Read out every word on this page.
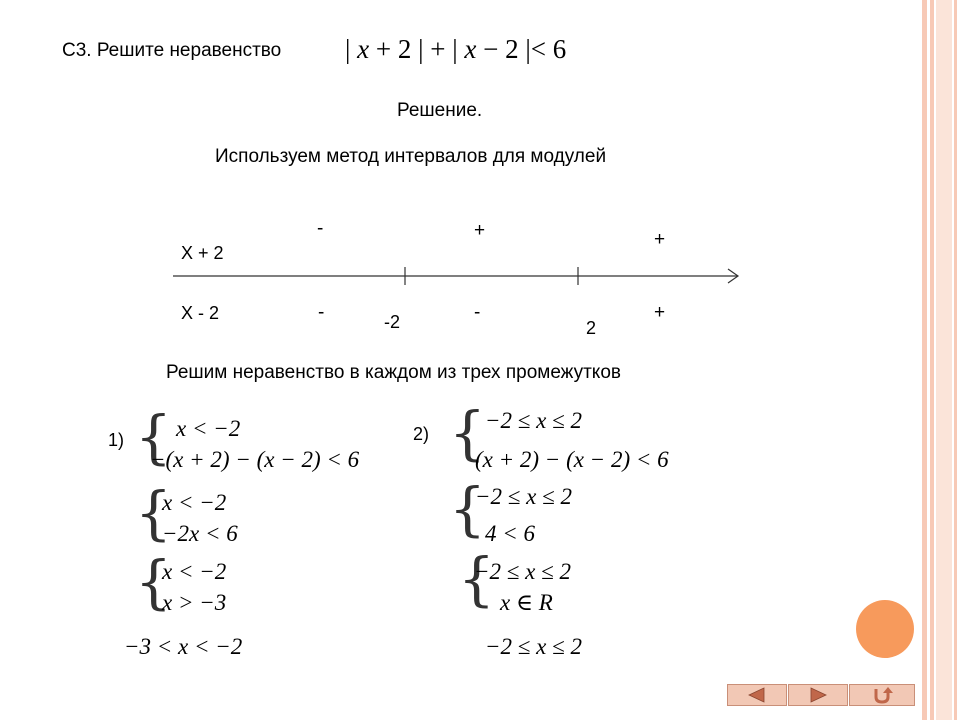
С3. Решите неравенство | x + 2 | + | x − 2 |< 6
Решение.
Используем метод интервалов для модулей
X + 2
X - 2
-	+	+
-	-	+
-2	2
Решим неравенство в каждом из трех промежутков
1) { x < −2
−(x + 2) − (x − 2) < 6
{
x < −2
−2x < 6
{
x < −2
x > −3
−3 < x < −2
2) { −2 ≤ x ≤ 2
(x + 2) − (x − 2) < 6
{
−2 ≤ x ≤ 2
4 < 6
{
−2 ≤ x ≤ 2
x ∈ R
−2 ≤ x ≤ 2
